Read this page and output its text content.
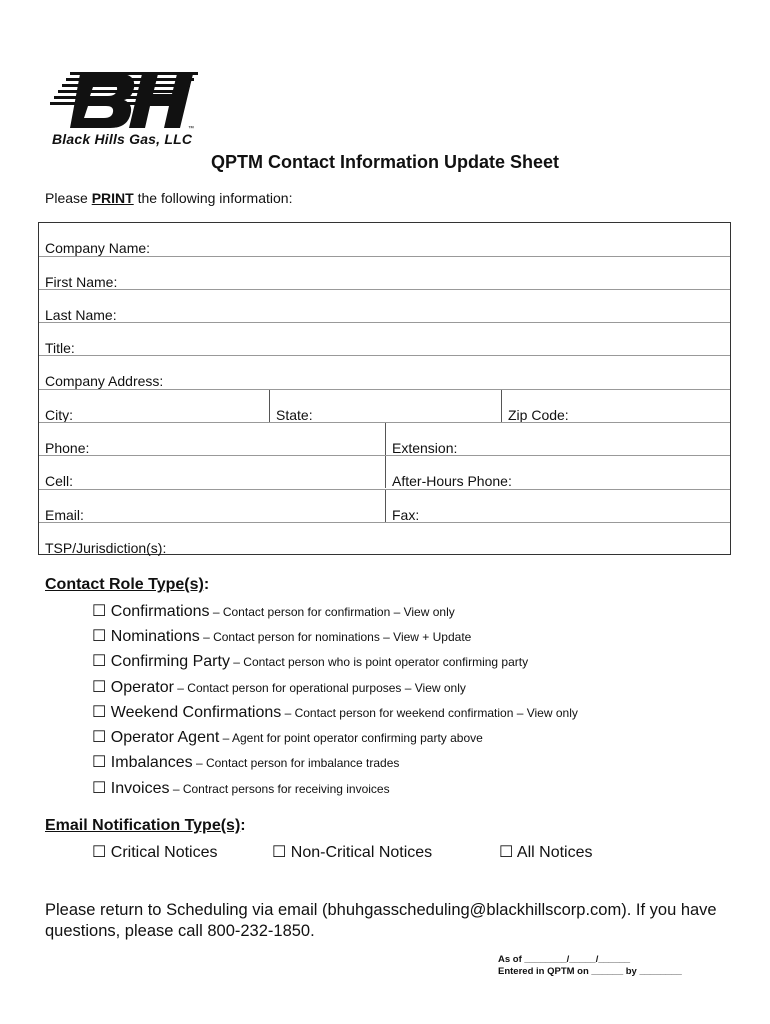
™
Black Hills Gas, LLC
QPTM Contact Information Update Sheet
Please PRINT the following information:
Company Name:
First Name:
Last Name:
Title:
Company Address:
City:	State:	Zip Code:
Phone:	Extension:
Cell:	After-Hours Phone:
Email:	Fax:
TSP/Jurisdiction(s):
Contact Role Type(s):
☐ Confirmations – Contact person for confirmation – View only
☐ Nominations – Contact person for nominations – View + Update
☐ Confirming Party – Contact person who is point operator confirming party
☐ Operator – Contact person for operational purposes – View only
☐ Weekend Confirmations – Contact person for weekend confirmation – View only
☐ Operator Agent – Agent for point operator confirming party above
☐ Imbalances – Contact person for imbalance trades
☐ Invoices – Contract persons for receiving invoices
Email Notification Type(s):
☐ Critical Notices	☐ Non-Critical Notices	☐ All Notices
Please return to Scheduling via email (bhuhgasscheduling@blackhillscorp.com). If you have questions, please call 800-232-1850.
As of ________/_____/______
Entered in QPTM on ______ by ________
